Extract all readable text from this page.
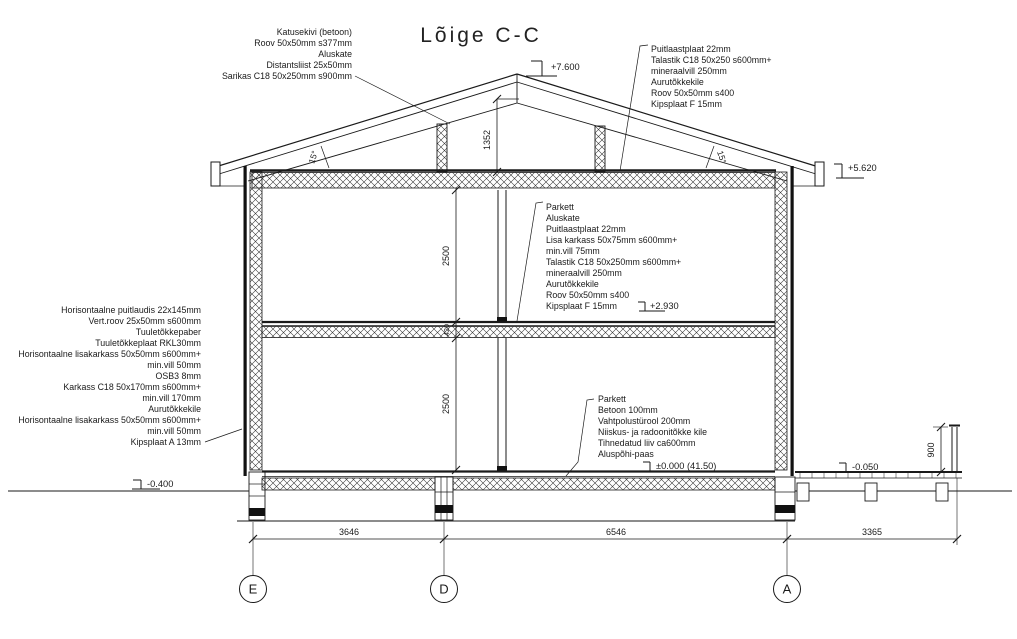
Lõige C-C
15°	15°
3646	6546	3365
E	D	A
1352
2500
420
2500
900
+7.600
+5.620
+2.930
±0.000 (41.50)	-0.050
-0.400
Katusekivi (betoon)
Roov 50x50mm s377mm
Aluskate
Distantsliist 25x50mm
Sarikas C18 50x250mm s900mm
Puitlaastplaat 22mm
Talastik C18 50x250 s600mm+
mineraalvill 250mm
Aurutõkkekile
Roov 50x50mm s400
Kipsplaat F 15mm
Parkett
Aluskate
Puitlaastplaat 22mm
Lisa karkass 50x75mm s600mm+
min.vill 75mm
Talastik C18 50x250mm s600mm+
mineraalvill 250mm
Aurutõkkekile
Roov 50x50mm s400
Kipsplaat F 15mm
Horisontaalne puitlaudis 22x145mm
Vert.roov 25x50mm s600mm
Tuuletõkkepaber
Tuuletõkkeplaat RKL30mm
Horisontaalne lisakarkass 50x50mm s600mm+
min.vill 50mm
OSB3 8mm
Karkass C18 50x170mm s600mm+
min.vill 170mm
Aurutõkkekile
Horisontaalne lisakarkass 50x50mm s600mm+
min.vill 50mm
Kipsplaat A 13mm
Parkett
Betoon 100mm
Vahtpolustürool 200mm
Niiskus- ja radoonitõkke kile
Tihnedatud liiv ca600mm
Aluspõhi-paas
